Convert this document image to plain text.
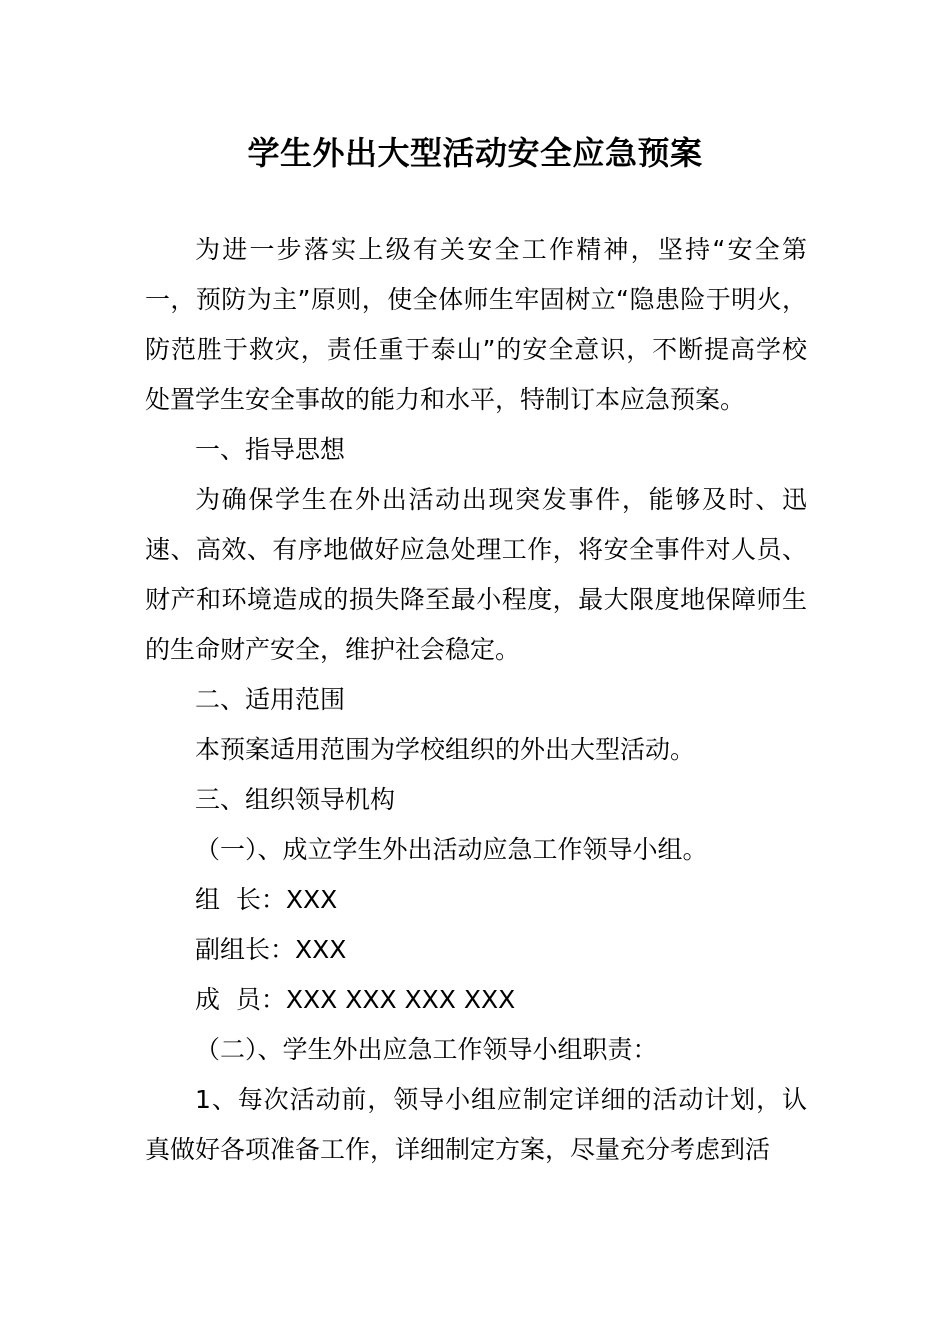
学生外出大型活动安全应急预案

为进一步落实上级有关安全工作精神，坚持“安全第一，预防为主”原则，使全体师生牢固树立“隐患险于明火，防范胜于救灾，责任重于泰山”的安全意识，不断提高学校处置学生安全事故的能力和水平，特制订本应急预案。

一、指导思想

为确保学生在外出活动出现突发事件，能够及时、迅速、高效、有序地做好应急处理工作，将安全事件对人员、财产和环境造成的损失降至最小程度，最大限度地保障师生的生命财产安全，维护社会稳定。

二、适用范围

本预案适用范围为学校组织的外出大型活动。

三、组织领导机构

（一）、成立学生外出活动应急工作领导小组。

组  长：XXX

副组长：XXX

成  员：XXX XXX XXX XXX

（二）、学生外出应急工作领导小组职责：

1、每次活动前，领导小组应制定详细的活动计划，认真做好各项准备工作，详细制定方案，尽量充分考虑到活
